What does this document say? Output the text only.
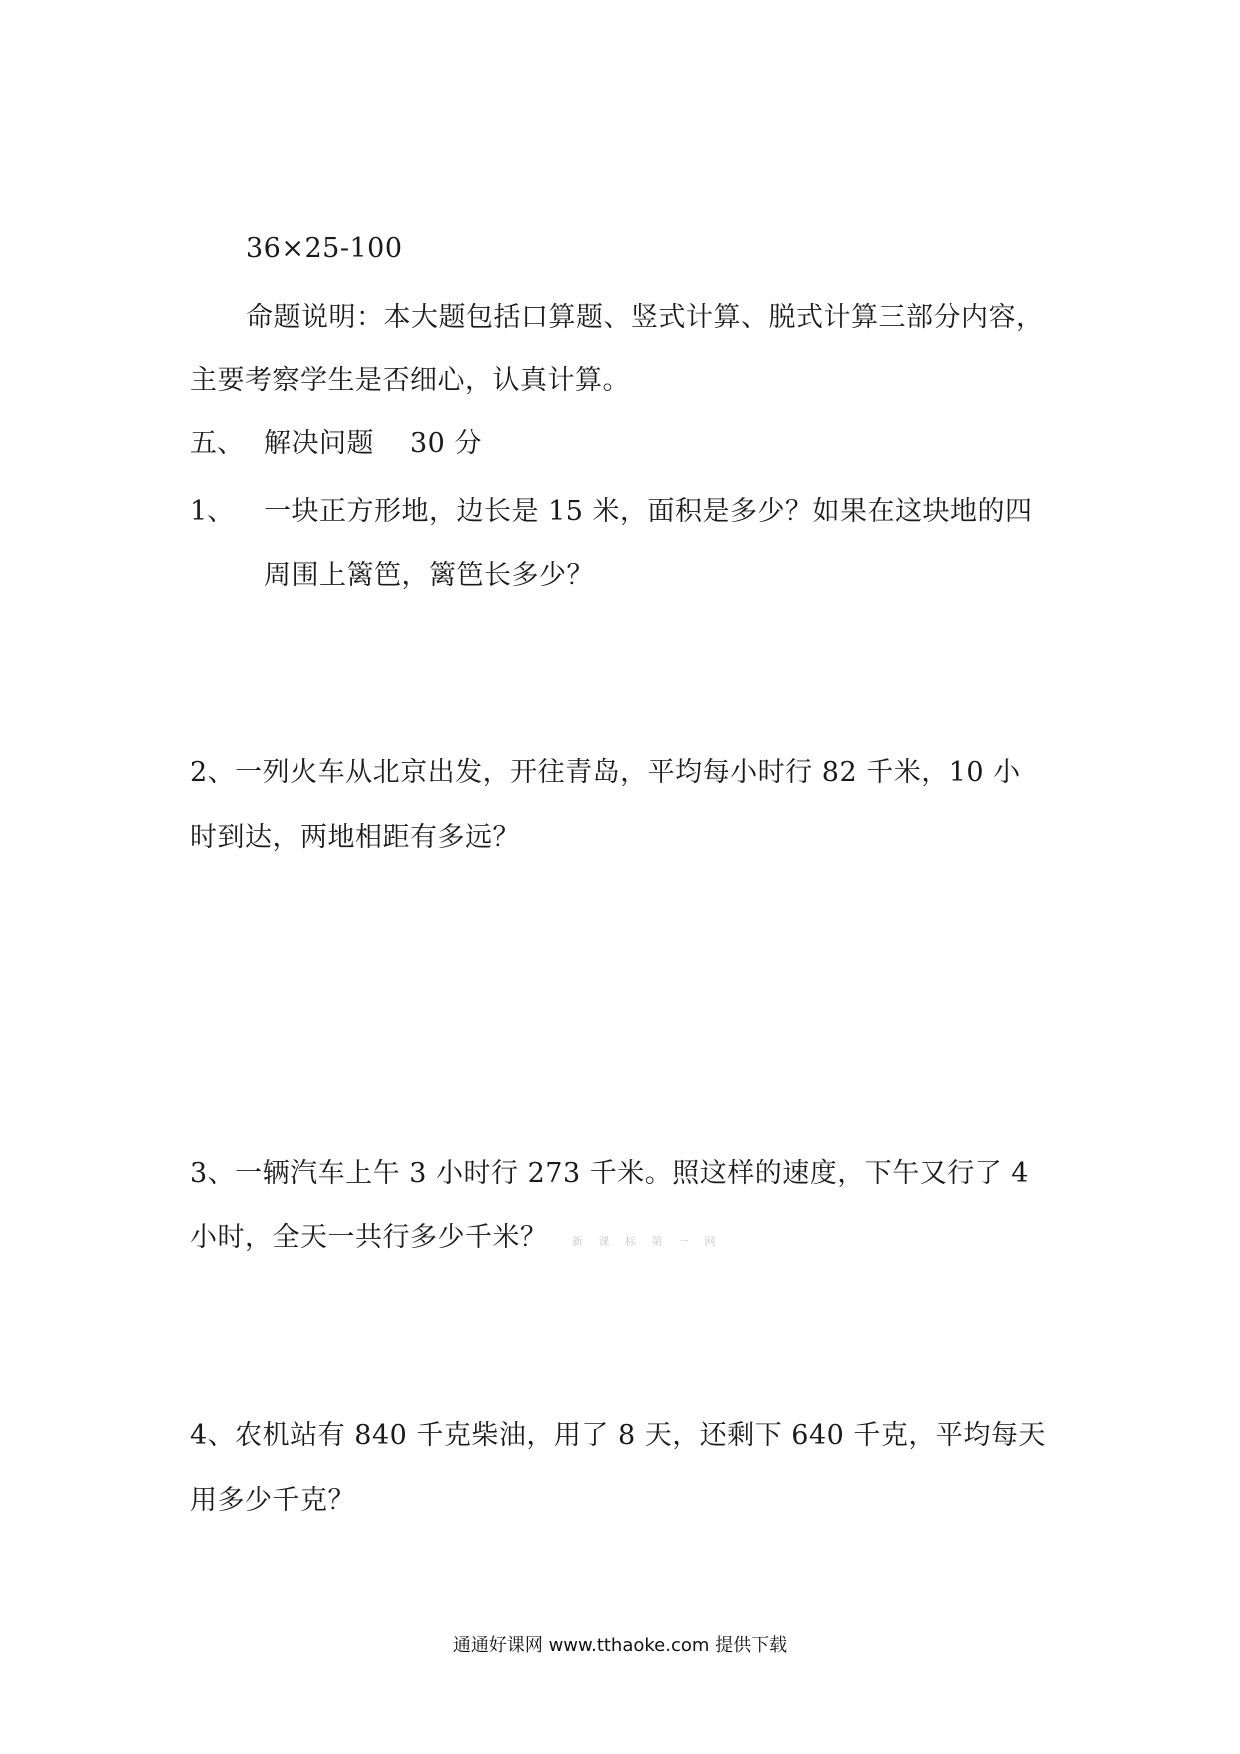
36×25-100
命题说明：本大题包括口算题、竖式计算、脱式计算三部分内容，
主要考察学生是否细心，认真计算。
五、 解决问题 30 分
1、 一块正方形地，边长是 15 米，面积是多少？如果在这块地的四
周围上篱笆，篱笆长多少？
2、一列火车从北京出发，开往青岛，平均每小时行 82 千米，10 小
时到达，两地相距有多远？
3、一辆汽车上午 3 小时行 273 千米。照这样的速度，下午又行了 4
小时，全天一共行多少千米？ 新 课 标 第 一 网
4、农机站有 840 千克柴油，用了 8 天，还剩下 640 千克，平均每天
用多少千克？
通通好课网 www.tthaoke.com 提供下载
